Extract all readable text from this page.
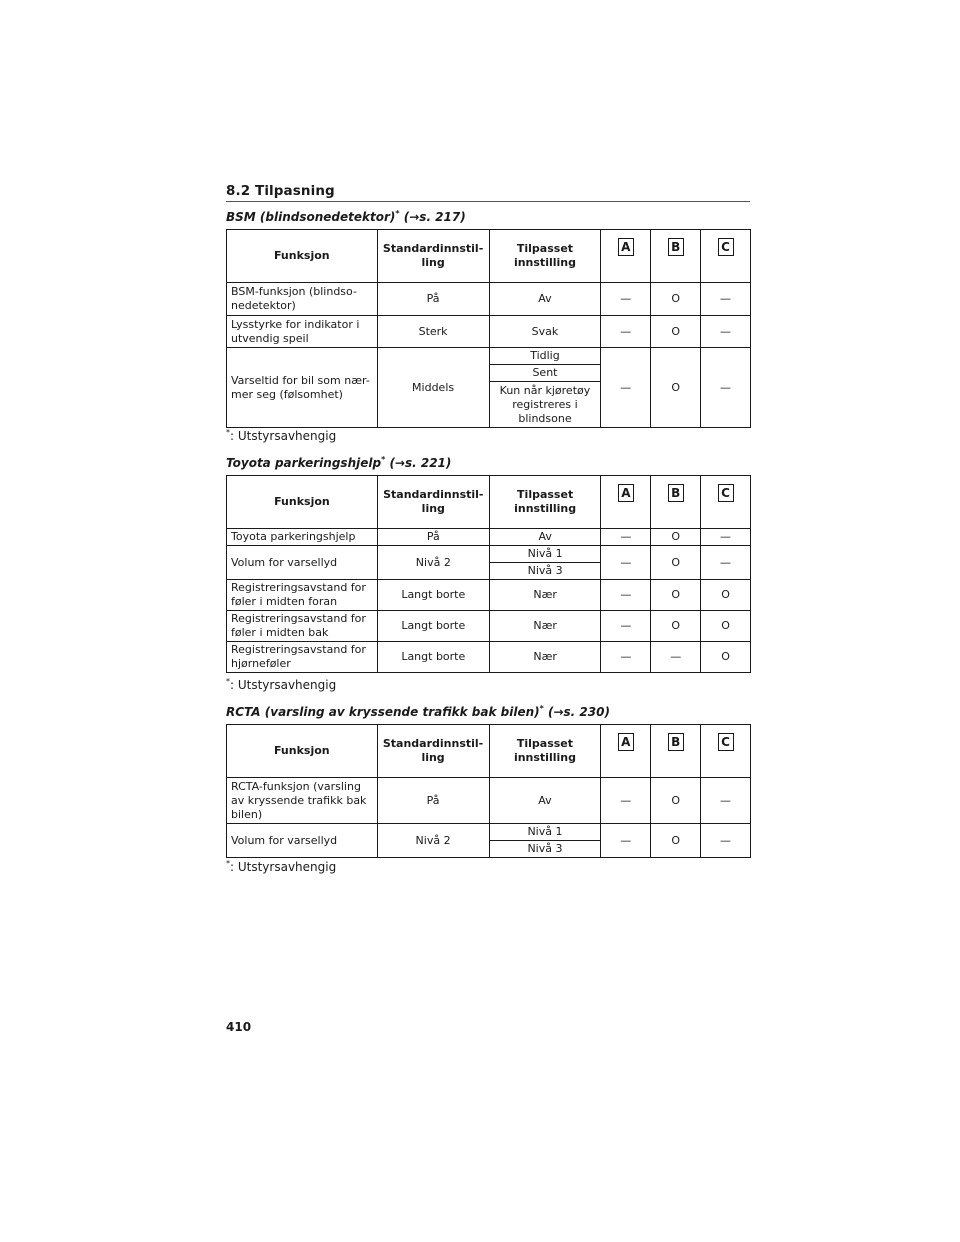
8.2 Tilpasning
BSM (blindsonedetektor)* (→s. 217)
Funksjon	Standardinnstil-ling	Tilpasset innstilling	A	B	C
BSM-funksjon (blindso-nedetektor)	På	Av	—	O	—
Lysstyrke for indikator i utvendig speil	Sterk	Svak	—	O	—
Varseltid for bil som nær-mer seg (følsomhet)	Middels	Tidlig	—	O	—
		Sent			
		Kun når kjøretøy registreres i blindsone			
*: Utstyrsavhengig
Toyota parkeringshjelp* (→s. 221)
Funksjon	Standardinnstil-ling	Tilpasset innstilling	A	B	C
Toyota parkeringshjelp	På	Av	—	O	—
Volum for varsellyd	Nivå 2	Nivå 1	—	O	—
		Nivå 3			
Registreringsavstand for føler i midten foran	Langt borte	Nær	—	O	O
Registreringsavstand for føler i midten bak	Langt borte	Nær	—	O	O
Registreringsavstand for hjørneføler	Langt borte	Nær	—	—	O
*: Utstyrsavhengig
RCTA (varsling av kryssende trafikk bak bilen)* (→s. 230)
Funksjon	Standardinnstil-ling	Tilpasset innstilling	A	B	C
RCTA-funksjon (varsling av kryssende trafikk bak bilen)	På	Av	—	O	—
Volum for varsellyd	Nivå 2	Nivå 1	—	O	—
		Nivå 3			
*: Utstyrsavhengig
410
